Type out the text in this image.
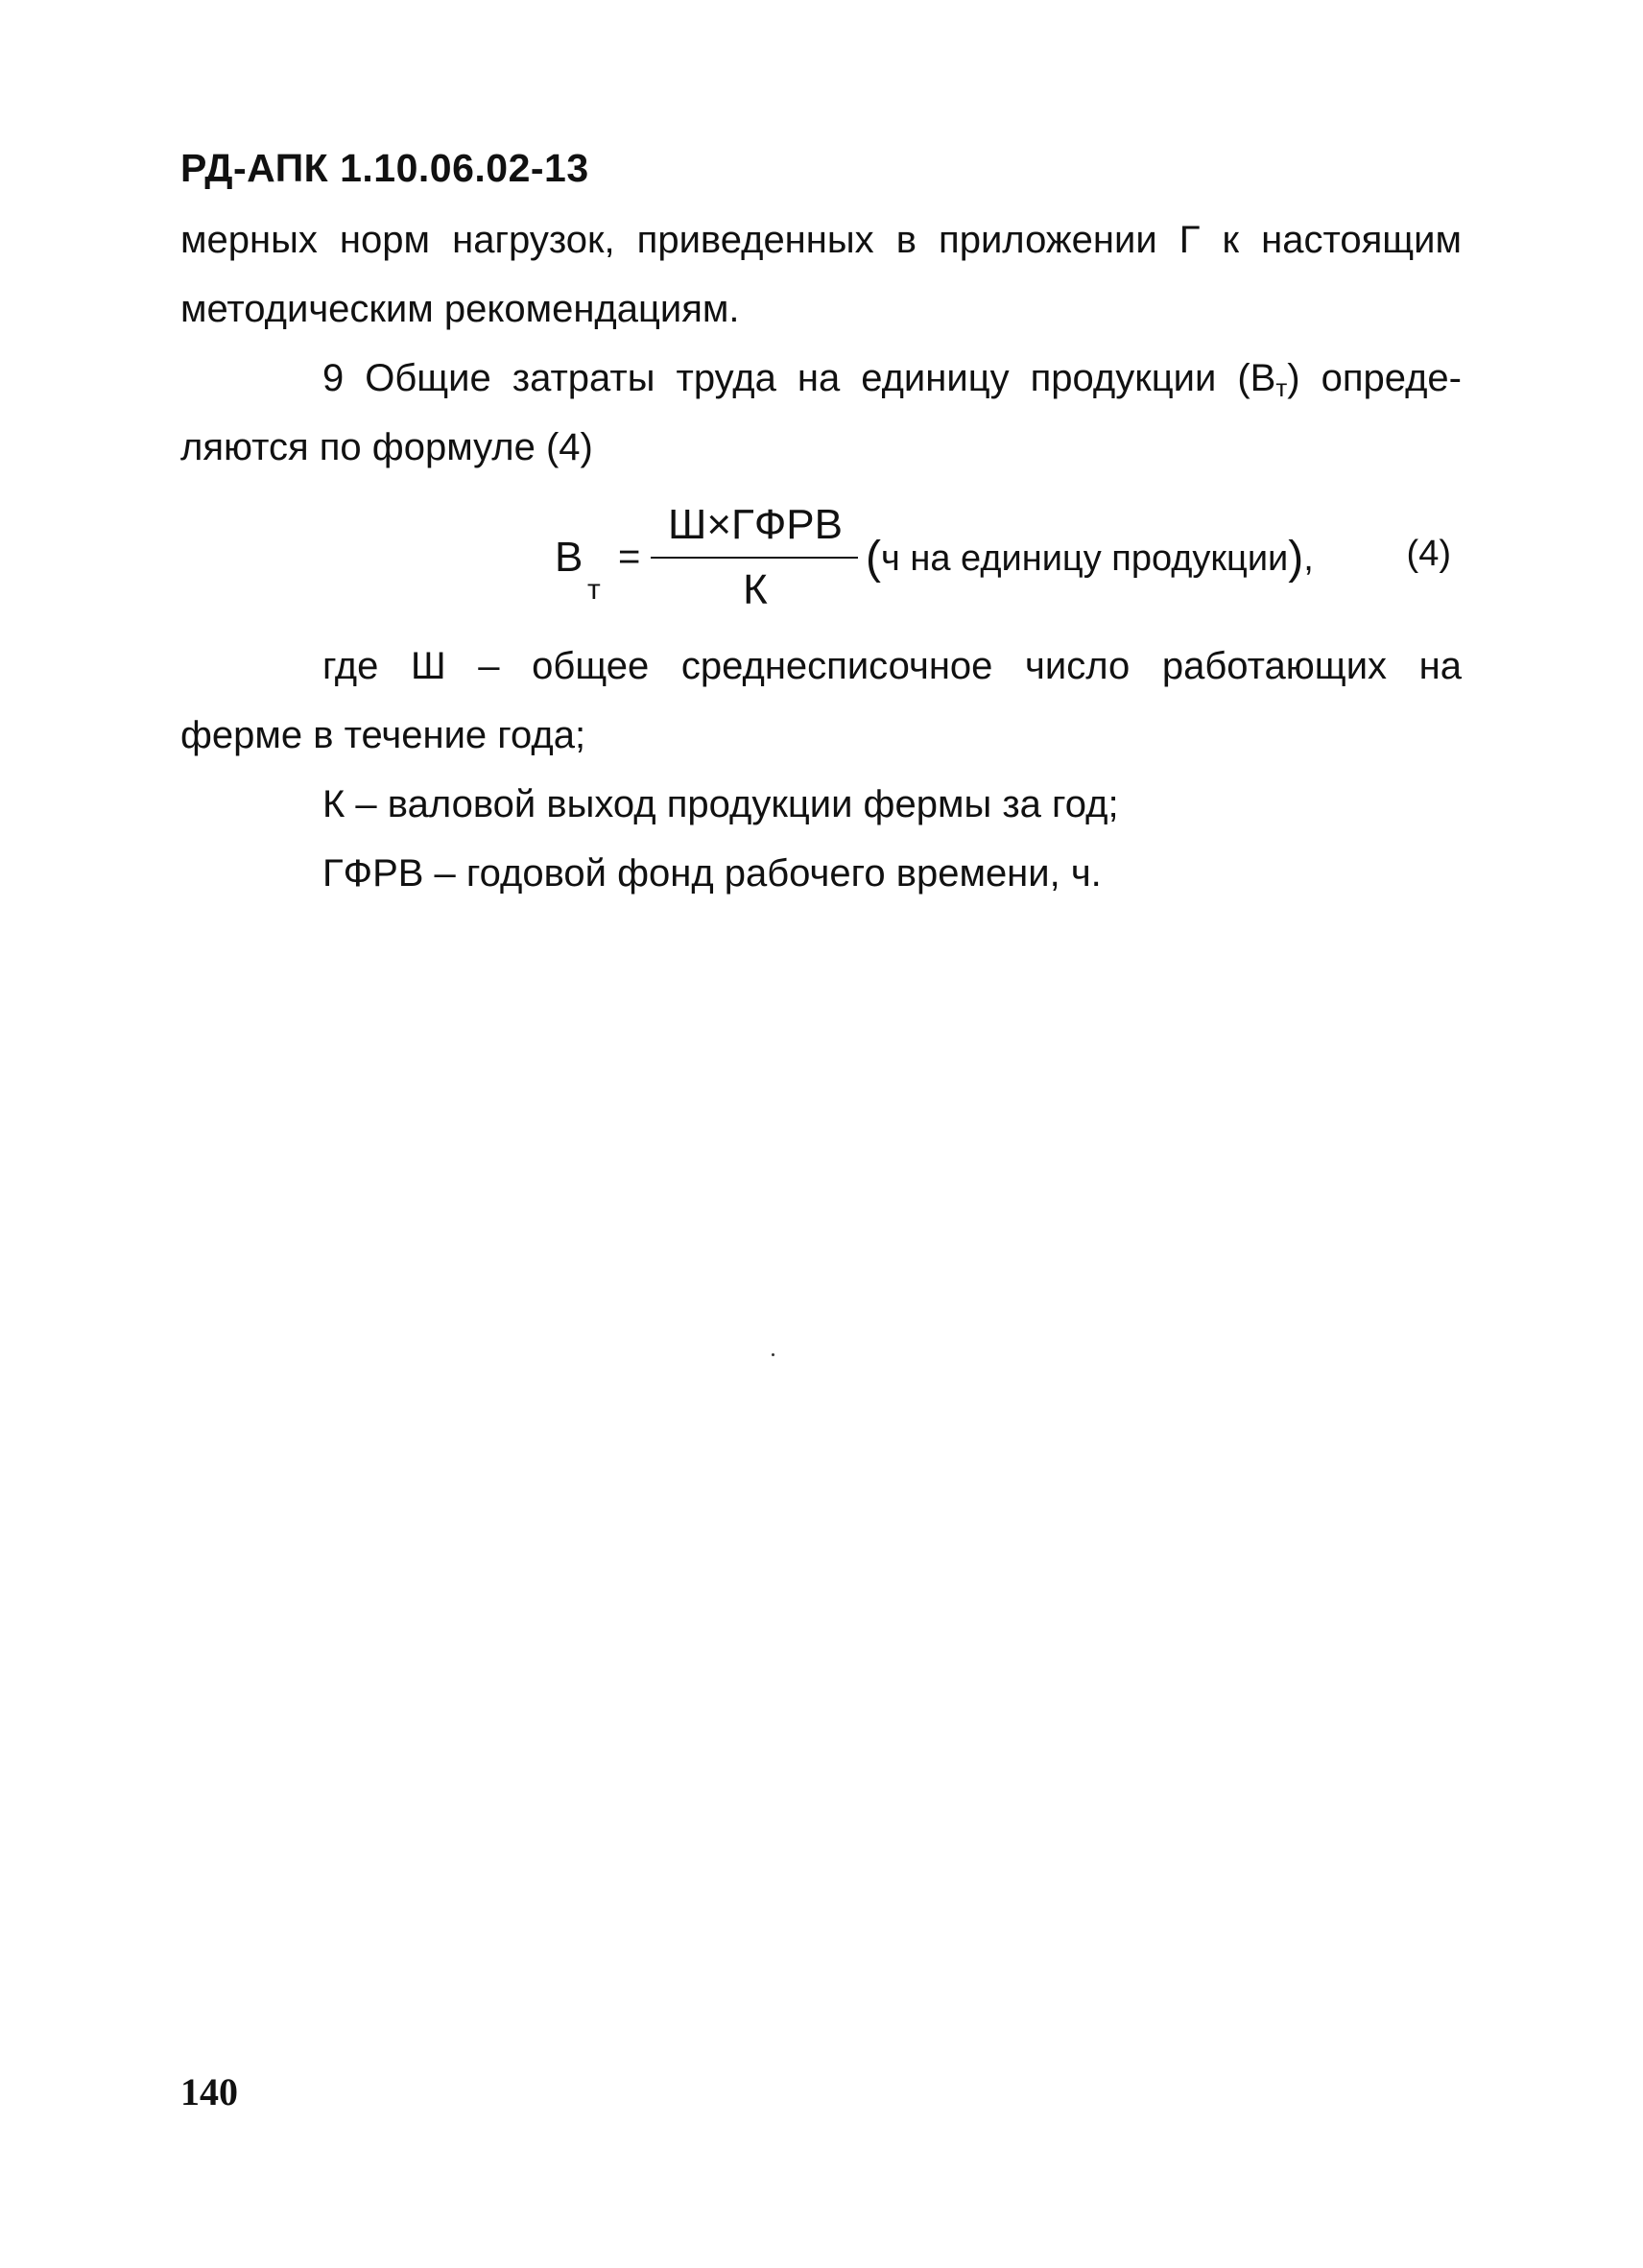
РД-АПК 1.10.06.02-13
мерных норм нагрузок, приведенных в приложении Г к настоящим
методическим рекомендациям.
9 Общие затраты труда на единицу продукции $(В_т)$ опреде-
ляются по формуле (4)
В
т
=
Ш×ГФРВ
К
(ч на единицу продукции),	(4)
где Ш – общее среднесписочное число работающих на
ферме в течение года;
К – валовой выход продукции фермы за год;
ГФРВ – годовой фонд рабочего времени, ч.
140
